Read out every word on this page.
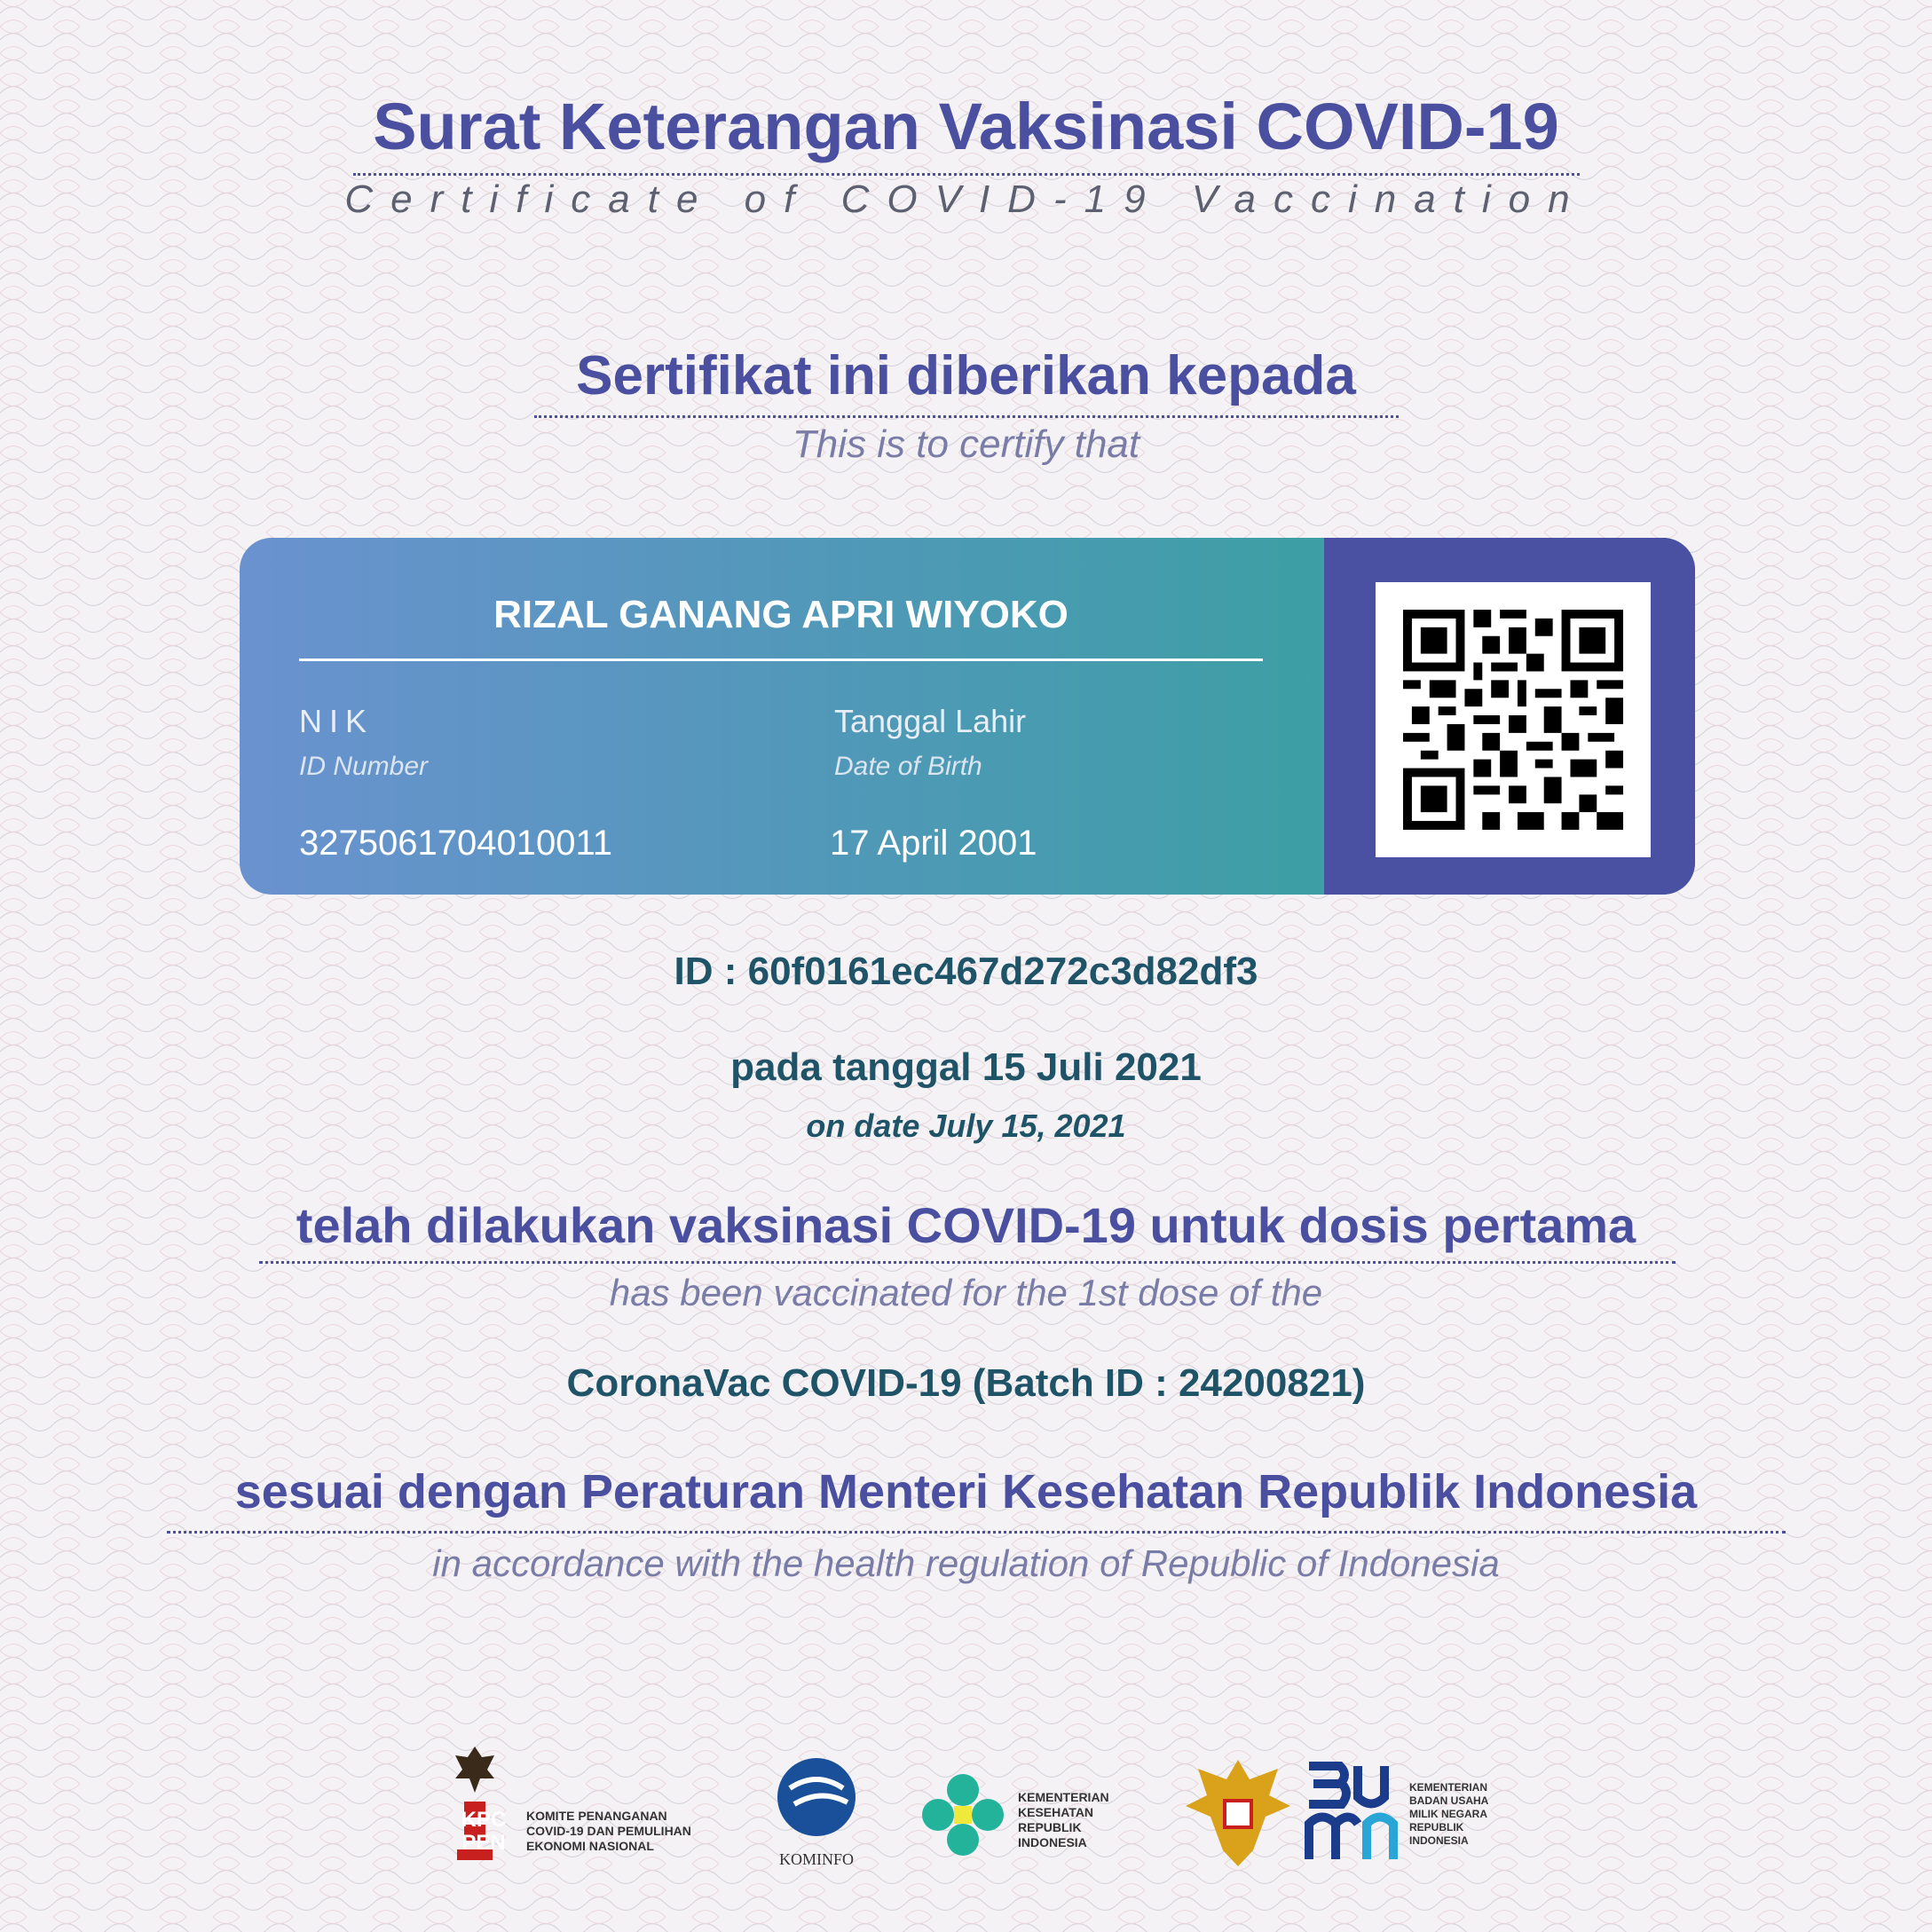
Surat Keterangan Vaksinasi COVID-19
Certificate of COVID-19 Vaccination
Sertifikat ini diberikan kepada
This is to certify that
RIZAL GANANG APRI WIYOKO
NIK
ID Number
3275061704010011
Tanggal Lahir
Date of Birth
17 April 2001
ID : 60f0161ec467d272c3d82df3
pada tanggal 15 Juli 2021
on date July 15, 2021
telah dilakukan vaksinasi COVID-19 untuk dosis pertama
has been vaccinated for the 1st dose of the
CoronaVac COVID-19 (Batch ID : 24200821)
sesuai dengan Peraturan Menteri Kesehatan Republik Indonesia
in accordance with the health regulation of Republic of Indonesia
KOMITE PENANGANAN COVID-19 DAN PEMULIHAN EKONOMI NASIONAL
KOMINFO
KEMENTERIAN KESEHATAN REPUBLIK INDONESIA
KEMENTERIAN BADAN USAHA MILIK NEGARA REPUBLIK INDONESIA
KPC
PEN
